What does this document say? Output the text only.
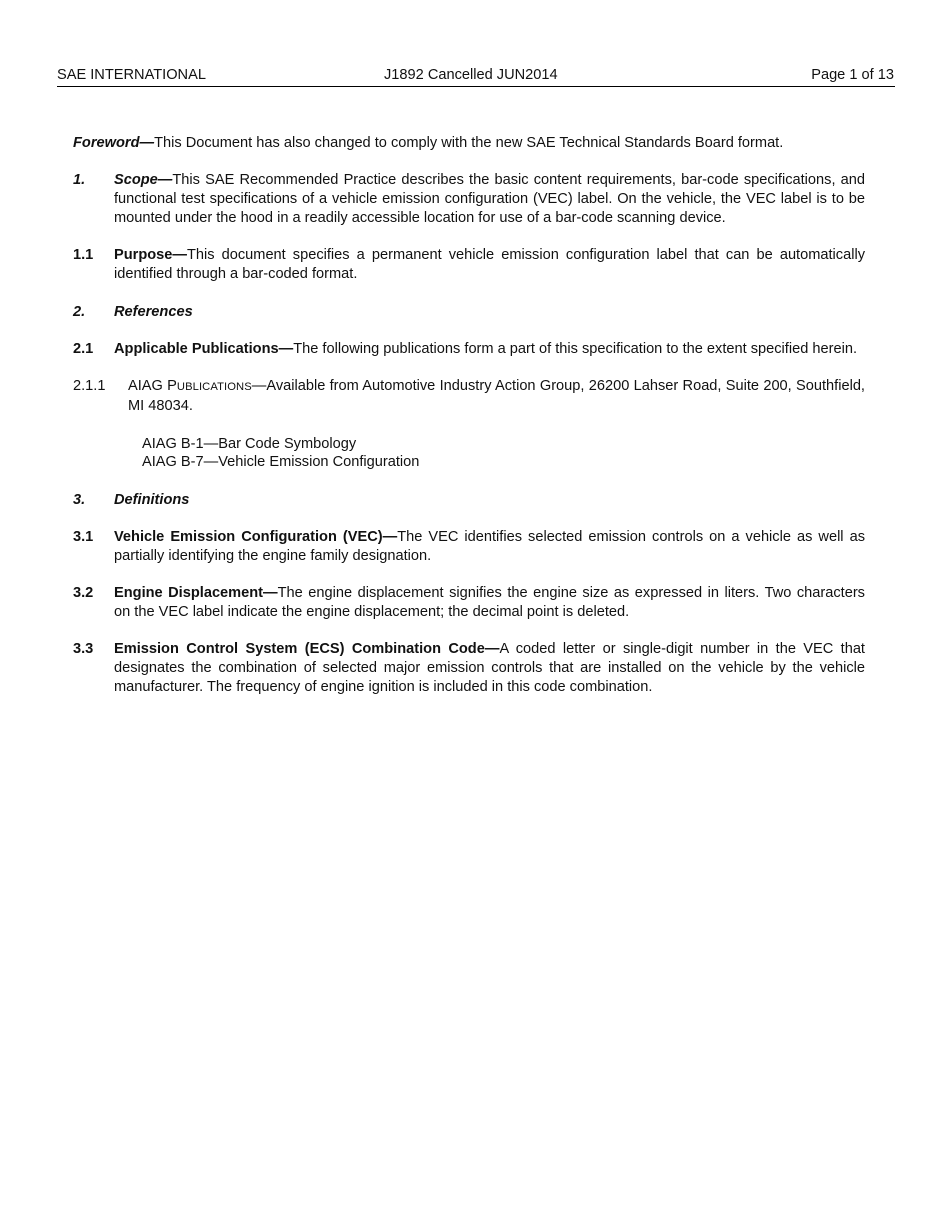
SAE INTERNATIONAL	J1892 Cancelled JUN2014	Page 1 of 13

Foreword—This Document has also changed to comply with the new SAE Technical Standards Board format.

1.	Scope—This SAE Recommended Practice describes the basic content requirements, bar-code specifications, and functional test specifications of a vehicle emission configuration (VEC) label. On the vehicle, the VEC label is to be mounted under the hood in a readily accessible location for use of a bar-code scanning device.
1.1	Purpose—This document specifies a permanent vehicle emission configuration label that can be automatically identified through a bar-coded format.
2.	References
2.1	Applicable Publications—The following publications form a part of this specification to the extent specified herein.
2.1.1	AIAG PUBLICATIONS—Available from Automotive Industry Action Group, 26200 Lahser Road, Suite 200, Southfield, MI 48034.
AIAG B-1—Bar Code Symbology
AIAG B-7—Vehicle Emission Configuration
3.	Definitions
3.1	Vehicle Emission Configuration (VEC)—The VEC identifies selected emission controls on a vehicle as well as partially identifying the engine family designation.
3.2	Engine Displacement—The engine displacement signifies the engine size as expressed in liters. Two characters on the VEC label indicate the engine displacement; the decimal point is deleted.
3.3	Emission Control System (ECS) Combination Code—A coded letter or single-digit number in the VEC that designates the combination of selected major emission controls that are installed on the vehicle by the vehicle manufacturer. The frequency of engine ignition is included in this code combination.
